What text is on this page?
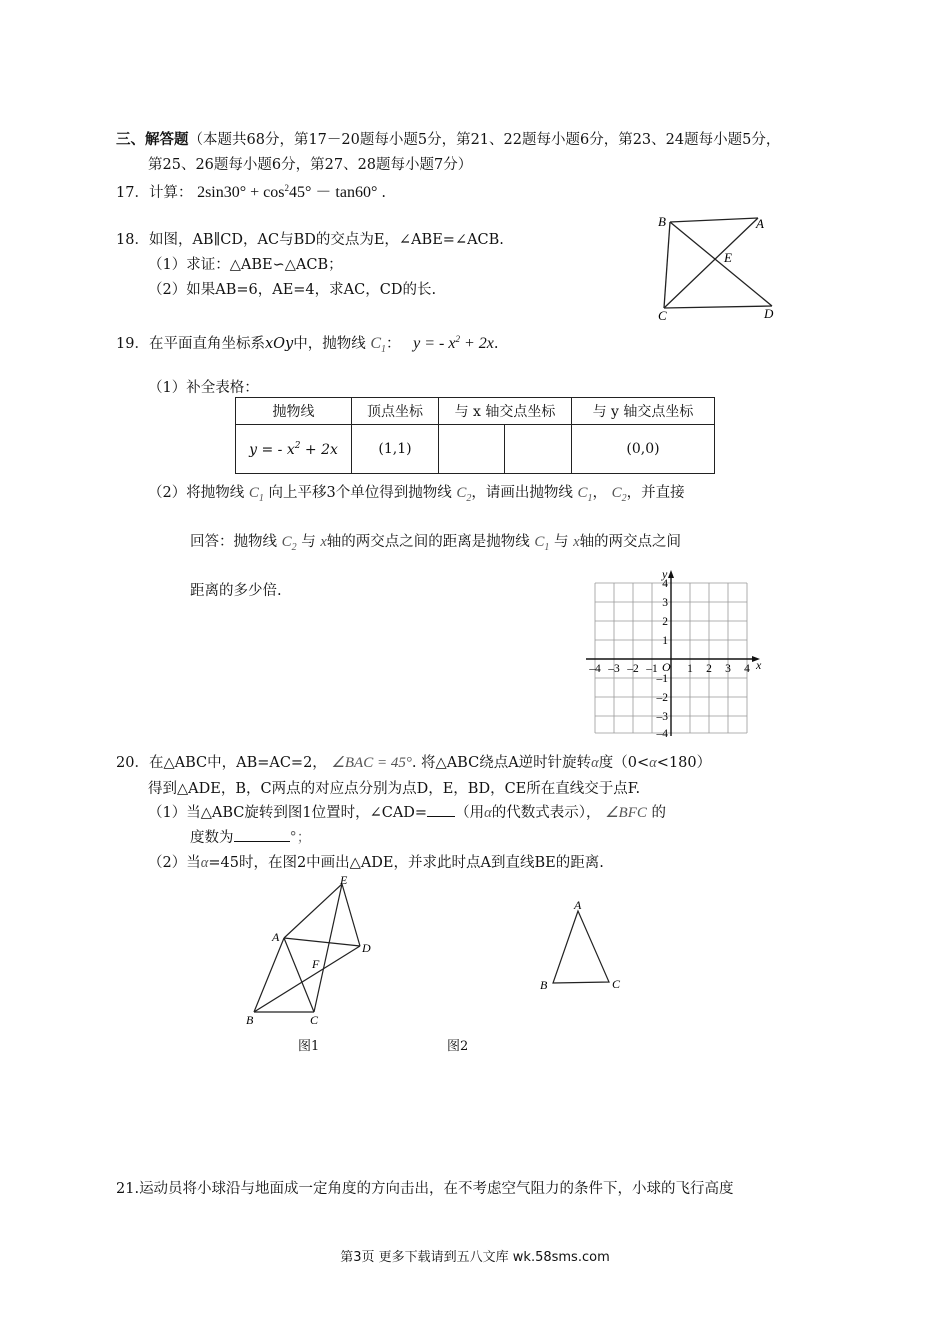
三、解答题（本题共68分，第17－20题每小题5分，第21、22题每小题6分，第23、24题每小题5分，
第25、26题每小题6分，第27、28题每小题7分）
17．计算： $2\sin 30^\circ + \cos^245^\circ - \tan 60^\circ$ .
18．如图，AB∥CD，AC与BD的交点为E，∠ABE=∠ACB.
（1）求证：△ABE∽△ACB；
（2）如果AB=6，AE=4，求AC，CD的长.
B	A
E
C	D
19．在平面直角坐标系xOy中，抛物线 $C_1$： y = - $x^2 + 2x$.
（1）补全表格：
抛物线	顶点坐标	与 x 轴交点坐标		与 y 轴交点坐标
y = - $x^2 + 2x$	(1,1)			(0,0)
（2）将抛物线 $C_1$ 向上平移3个单位得到抛物线 $C_2$，请画出抛物线 $C_1$， $C_2$，并直接
回答：抛物线 $C_2$ 与 x轴的两交点之间的距离是抛物线 $C_1$ 与 x轴的两交点之间
距离的多少倍.
x
y
O
–4 –3 –2 –1	1 2 3 4
4
3
2
1
–1
–2
–3
–4
20．在△ABC中，AB=AC=2， ∠BAC = 45°. 将△ABC绕点A逆时针旋转α度（0<α<180）
得到△ADE，B，C两点的对应点分别为点D，E，BD，CE所在直线交于点F.
（1）当△ABC旋转到图1位置时，∠CAD= （用α的代数式表示）， ∠BFC 的
度数为	°；
（2）当α=45时，在图2中画出△ADE，并求此时点A到直线BE的距离.
E
A
D
F
B	C
图1
A
B	C
图2
21.运动员将小球沿与地面成一定角度的方向击出，在不考虑空气阻力的条件下，小球的飞行高度
第3页 更多下载请到五八文库 wk.58sms.com
